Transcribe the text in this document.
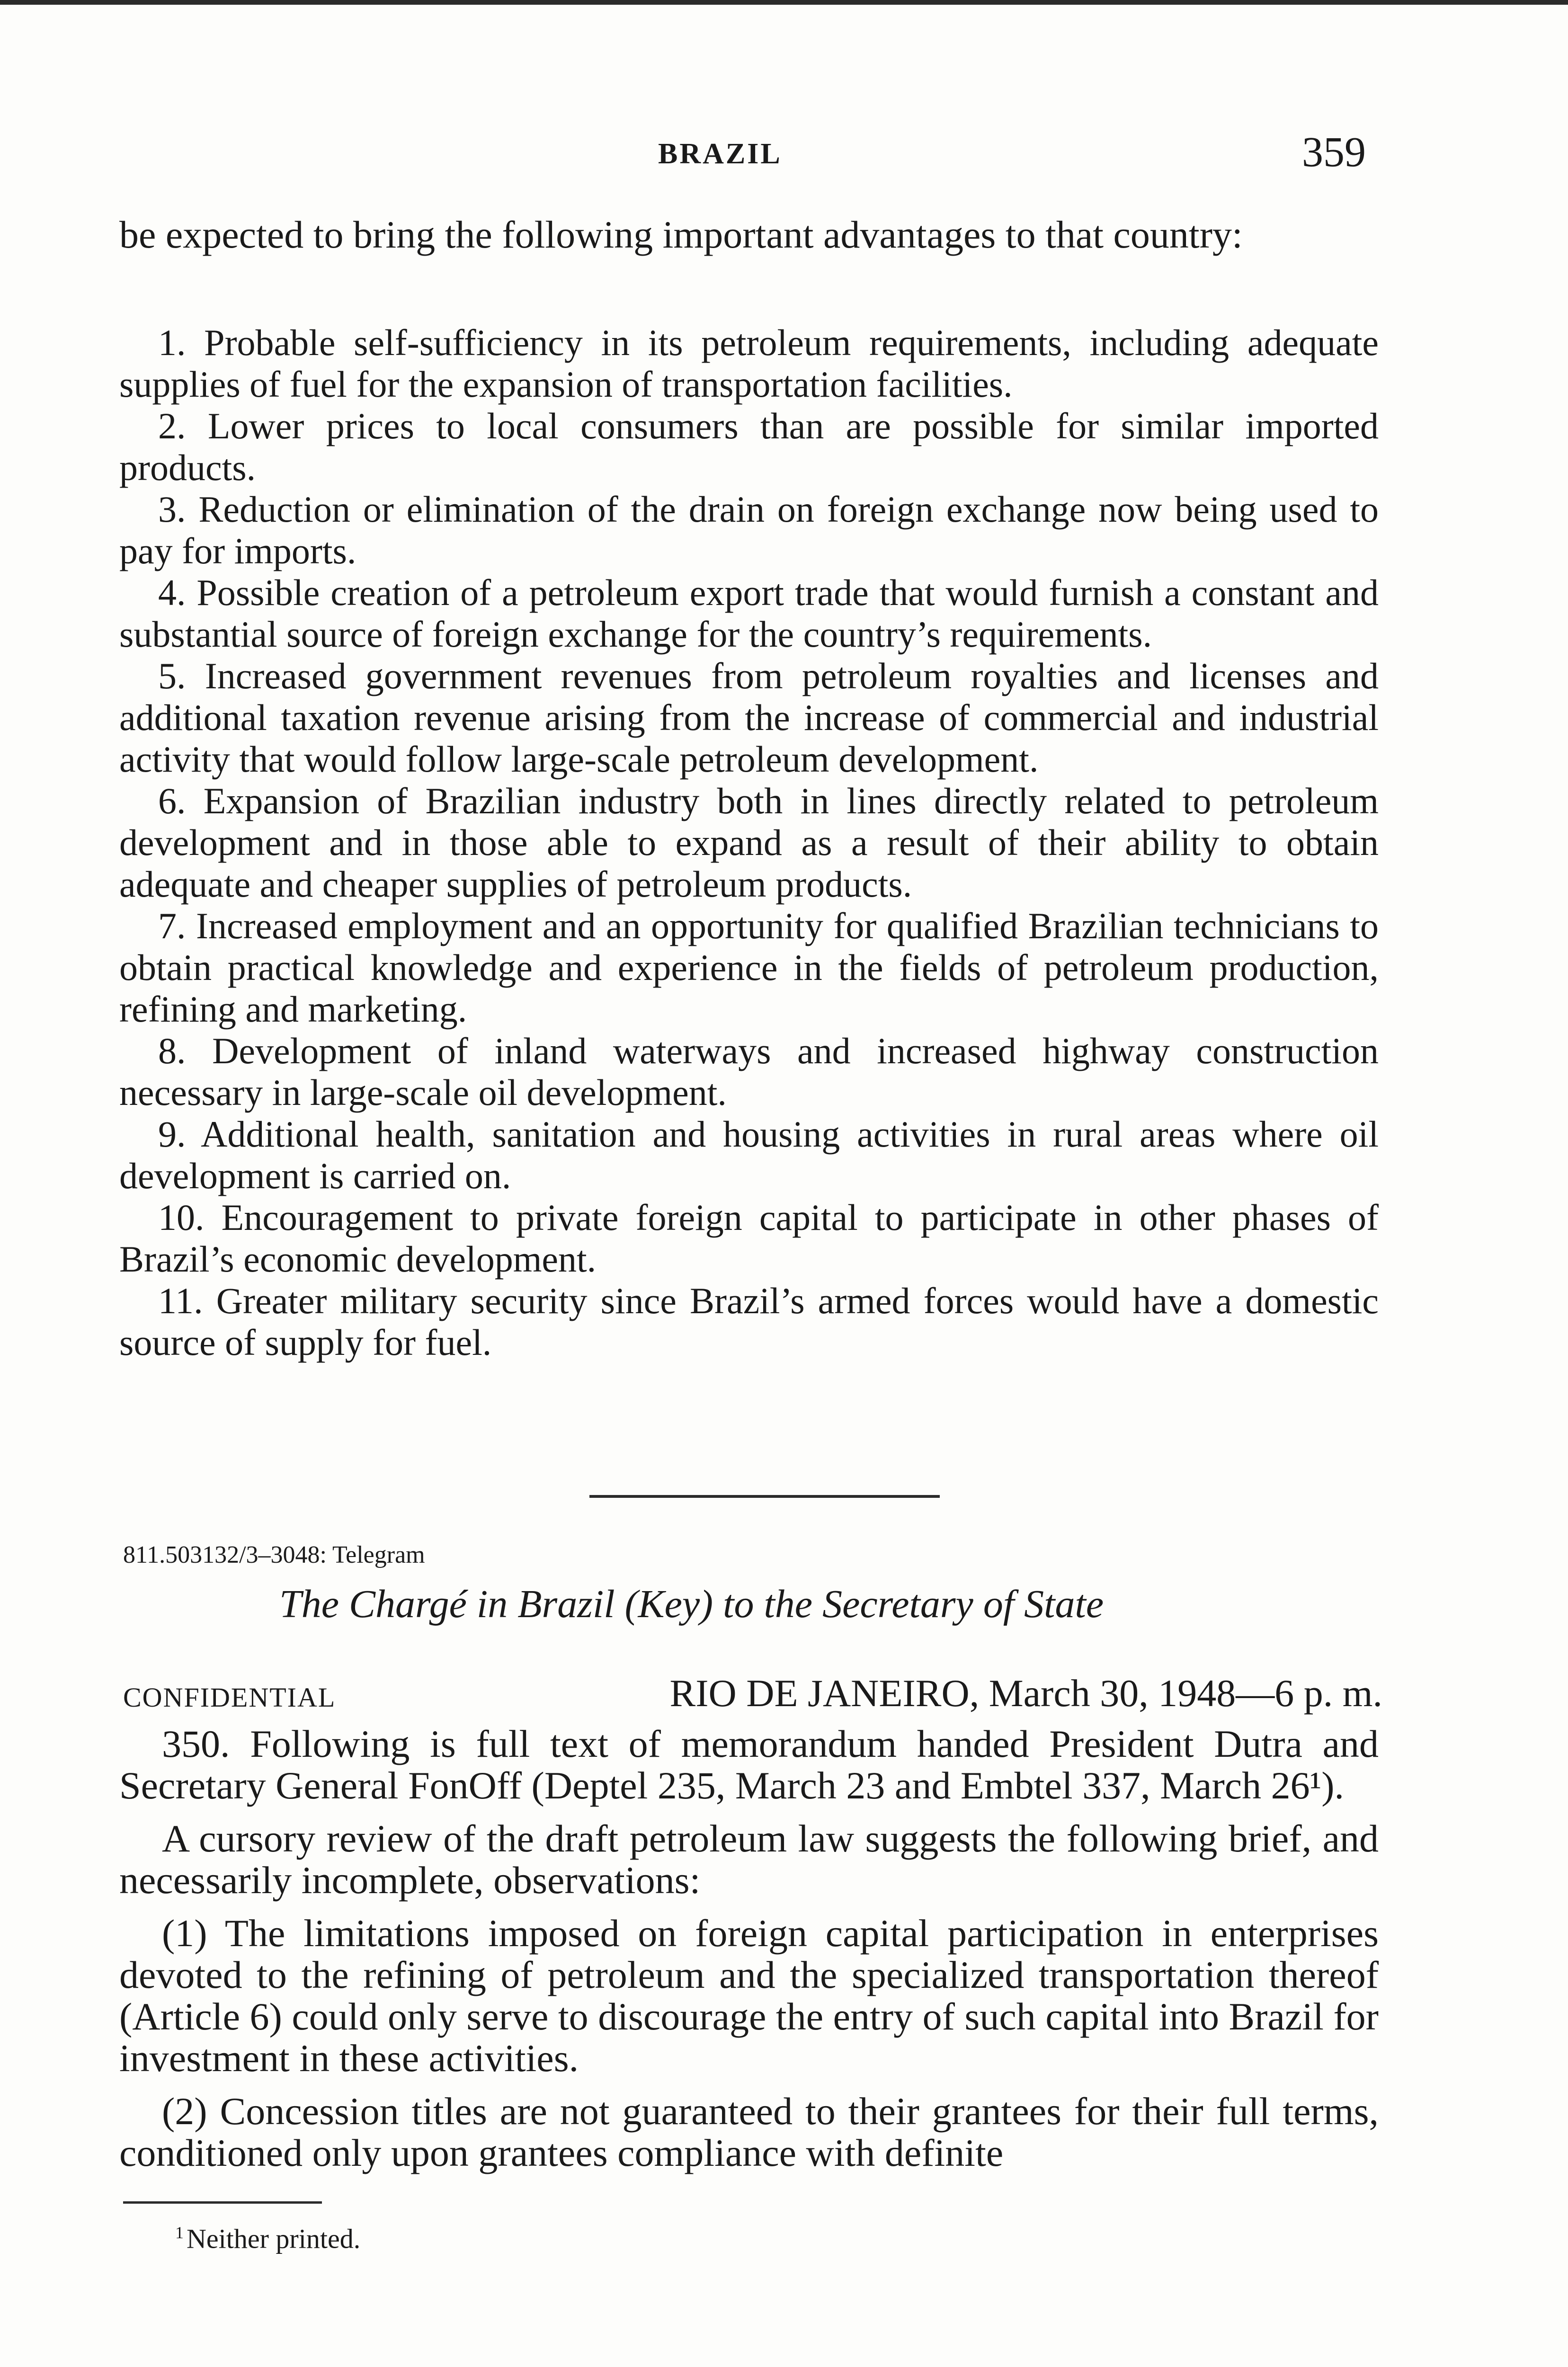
BRAZIL	359

be expected to bring the following important advantages to that country:

1. Probable self-sufficiency in its petroleum requirements, including adequate supplies of fuel for the expansion of transportation facilities.

2. Lower prices to local consumers than are possible for similar imported products.

3. Reduction or elimination of the drain on foreign exchange now being used to pay for imports.

4. Possible creation of a petroleum export trade that would furnish a constant and substantial source of foreign exchange for the country’s requirements.

5. Increased government revenues from petroleum royalties and licenses and additional taxation revenue arising from the increase of commercial and industrial activity that would follow large-scale petroleum development.

6. Expansion of Brazilian industry both in lines directly related to petroleum development and in those able to expand as a result of their ability to obtain adequate and cheaper supplies of petroleum products.

7. Increased employment and an opportunity for qualified Brazilian technicians to obtain practical knowledge and experience in the fields of petroleum production, refining and marketing.

8. Development of inland waterways and increased highway construction necessary in large-scale oil development.

9. Additional health, sanitation and housing activities in rural areas where oil development is carried on.

10. Encouragement to private foreign capital to participate in other phases of Brazil’s economic development.

11. Greater military security since Brazil’s armed forces would have a domestic source of supply for fuel.

811.503132/3–3048: Telegram
The Chargé in Brazil (Key) to the Secretary of State
CONFIDENTIAL	RIO DE JANEIRO, March 30, 1948—6 p. m.

350. Following is full text of memorandum handed President Dutra and Secretary General FonOff (Deptel 235, March 23 and Embtel 337, March 26¹).

A cursory review of the draft petroleum law suggests the following brief, and necessarily incomplete, observations:

(1) The limitations imposed on foreign capital participation in enterprises devoted to the refining of petroleum and the specialized transportation thereof (Article 6) could only serve to discourage the entry of such capital into Brazil for investment in these activities.

(2) Concession titles are not guaranteed to their grantees for their full terms, conditioned only upon grantees compliance with definite

$^1$ Neither printed.
